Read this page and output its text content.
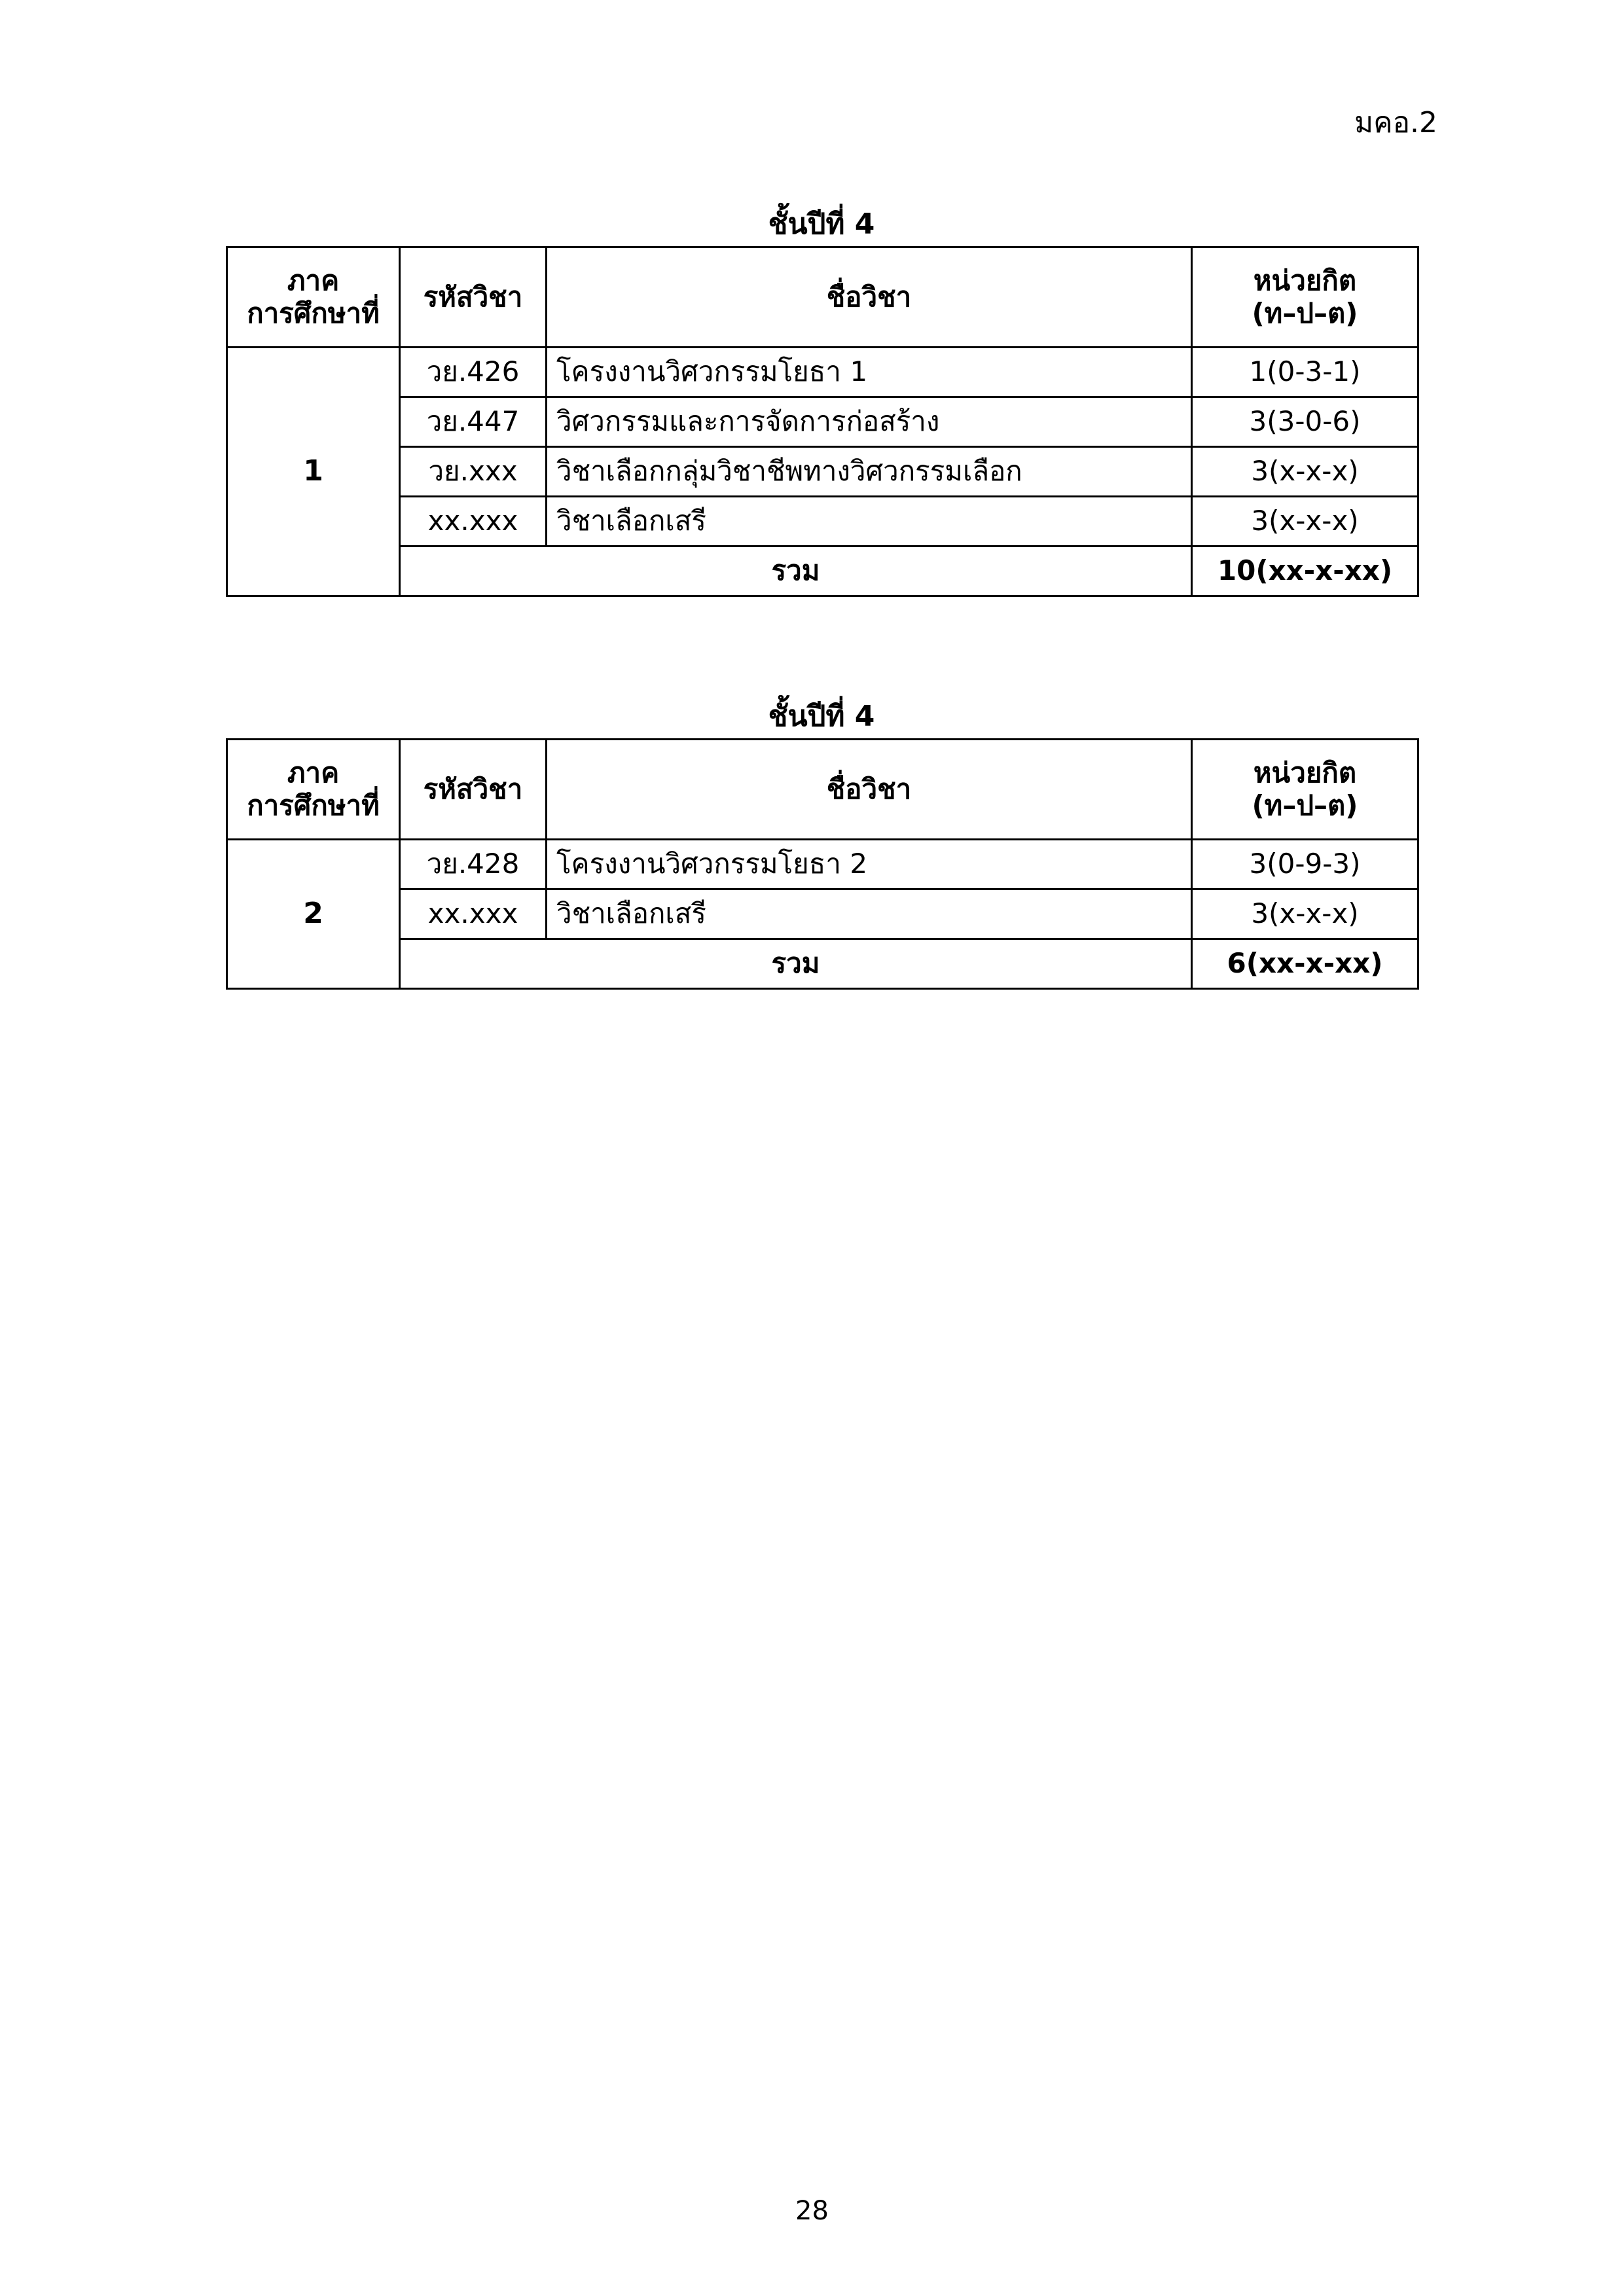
มคอ.2
ชั้นปีที่ 4
ภาค
การศึกษาที่	รหัสวิชา	ชื่อวิชา	หน่วยกิต
(ท–ป–ต)

1	วย.426	โครงงานวิศวกรรมโยธา 1	1(0-3-1)
	วย.447	วิศวกรรมและการจัดการก่อสร้าง	3(3-0-6)
	วย.xxx	วิชาเลือกกลุ่มวิชาชีพทางวิศวกรรมเลือก	3(x-x-x)
	xx.xxx	วิชาเลือกเสรี	3(x-x-x)
	รวม		10(xx-x-xx)
ชั้นปีที่ 4
ภาค
การศึกษาที่	รหัสวิชา	ชื่อวิชา	หน่วยกิต
(ท–ป–ต)

2	วย.428	โครงงานวิศวกรรมโยธา 2	3(0-9-3)
	xx.xxx	วิชาเลือกเสรี	3(x-x-x)
	รวม		6(xx-x-xx)
28
